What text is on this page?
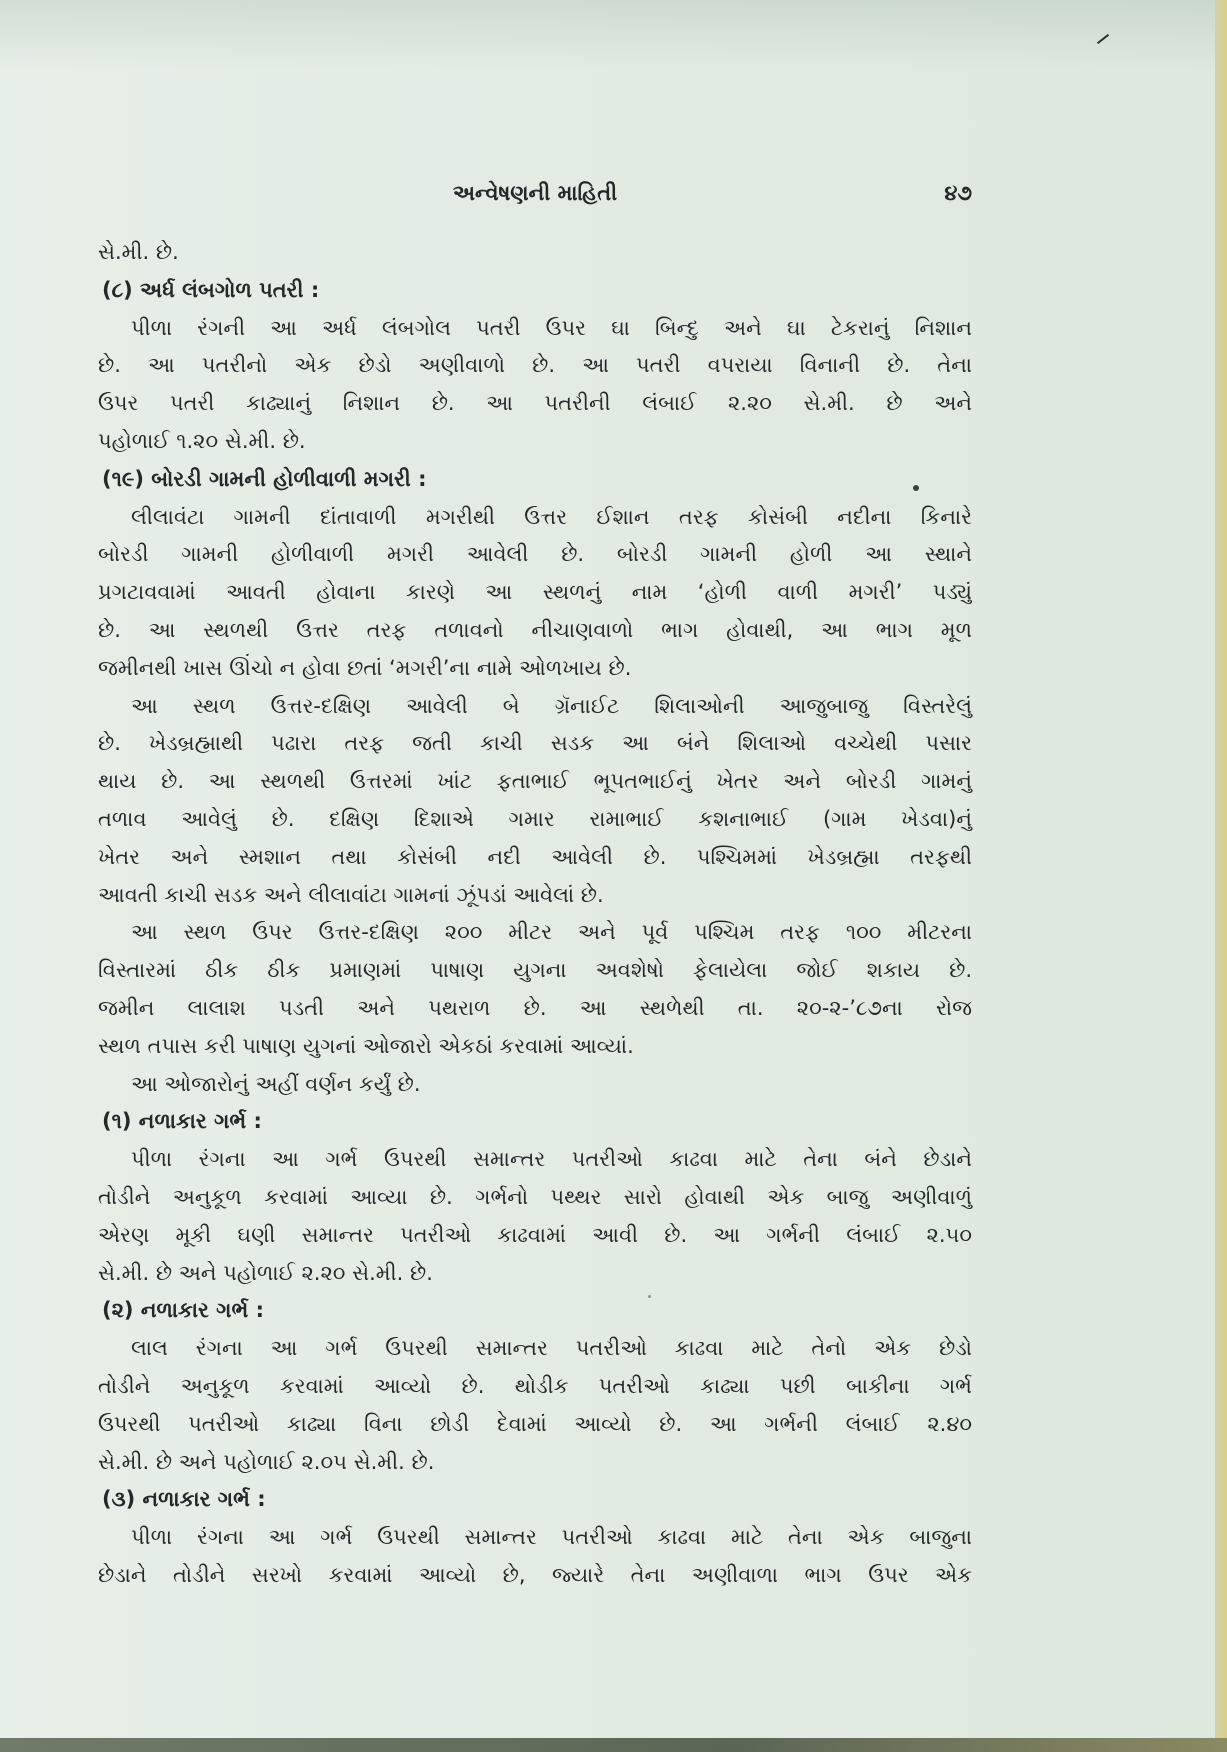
અન્વેષણની માહિતી	૪૭
સે.મી. છે.
(૮) અર્ધ લંબગોળ પતરી :
પીળા રંગની આ અર્ધ લંબગોલ પતરી ઉપર ઘા બિન્દુ અને ઘા ટેકરાનું નિશાન
છે. આ પતરીનો એક છેડો અણીવાળો છે. આ પતરી વપરાયા વિનાની છે. તેના
ઉપર પતરી કાઢ્યાનું નિશાન છે. આ પતરીની લંબાઈ ૨.૨૦ સે.મી. છે અને
પહોળાઈ ૧.૨૦ સે.મી. છે.
(૧૯) બોરડી ગામની હોળીવાળી મગરી :
લીલાવંટા ગામની દાંતાવાળી મગરીથી ઉત્તર ઈશાન તરફ કોસંબી નદીના કિનારે
બોરડી ગામની હોળીવાળી મગરી આવેલી છે. બોરડી ગામની હોળી આ સ્થાને
પ્રગટાવવામાં આવતી હોવાના કારણે આ સ્થળનું નામ ‘હોળી વાળી મગરી’ પડ્યું
છે. આ સ્થળથી ઉત્તર તરફ તળાવનો નીચાણવાળો ભાગ હોવાથી, આ ભાગ મૂળ
જમીનથી ખાસ ઊંચો ન હોવા છતાં ‘મગરી’ના નામે ઓળખાય છે.
આ સ્થળ ઉત્તર-દક્ષિણ આવેલી બે ગ્રૅનાઈટ શિલાઓની આજુબાજુ વિસ્તરેલું
છે. ખેડબ્રહ્માથી પઢારા તરફ જતી કાચી સડક આ બંને શિલાઓ વચ્ચેથી પસાર
થાય છે. આ સ્થળથી ઉત્તરમાં ખાંટ ફતાભાઈ ભૂપતભાઈનું ખેતર અને બોરડી ગામનું
તળાવ આવેલું છે. દક્ષિણ દિશાએ ગમાર રામાભાઈ કશનાભાઈ (ગામ ખેડવા)નું
ખેતર અને સ્મશાન તથા કોસંબી નદી આવેલી છે. પશ્ચિમમાં ખેડબ્રહ્મા તરફથી
આવતી કાચી સડક અને લીલાવાંટા ગામનાં ઝૂંપડાં આવેલાં છે.
આ સ્થળ ઉપર ઉત્તર-દક્ષિણ ૨૦૦ મીટર અને પૂર્વ પશ્ચિમ તરફ ૧૦૦ મીટરના
વિસ્તારમાં ઠીક ઠીક પ્રમાણમાં પાષાણ યુગના અવશેષો ફેલાયેલા જોઈ શકાય છે.
જમીન લાલાશ પડતી અને પથરાળ છે. આ સ્થળેથી તા. ૨૦-૨-’૮૭ના રોજ
સ્થળ તપાસ કરી પાષાણ યુગનાં ઓજારો એકઠાં કરવામાં આવ્યાં.
આ ઓજારોનું અહીં વર્ણન કર્યું છે.
(૧) નળાકાર ગર્ભ :
પીળા રંગના આ ગર્ભ ઉપરથી સમાન્તર પતરીઓ કાઢવા માટે તેના બંને છેડાને
તોડીને અનુકૂળ કરવામાં આવ્યા છે. ગર્ભનો પથ્થર સારો હોવાથી એક બાજુ અણીવાળું
એરણ મૂકી ઘણી સમાન્તર પતરીઓ કાઢવામાં આવી છે. આ ગર્ભની લંબાઈ ૨.૫૦
સે.મી. છે અને પહોળાઈ ૨.૨૦ સે.મી. છે.
(૨) નળાકાર ગર્ભ :
લાલ રંગના આ ગર્ભ ઉપરથી સમાન્તર પતરીઓ કાઢવા માટે તેનો એક છેડો
તોડીને અનુકૂળ કરવામાં આવ્યો છે. થોડીક પતરીઓ કાઢ્યા પછી બાકીના ગર્ભ
ઉપરથી પતરીઓ કાઢ્યા વિના છોડી દેવામાં આવ્યો છે. આ ગર્ભની લંબાઈ ૨.૪૦
સે.મી. છે અને પહોળાઈ ૨.૦૫ સે.મી. છે.
(૩) નળાકાર ગર્ભ :
પીળા રંગના આ ગર્ભ ઉપરથી સમાન્તર પતરીઓ કાઢવા માટે તેના એક બાજુના
છેડાને તોડીને સરખો કરવામાં આવ્યો છે, જ્યારે તેના અણીવાળા ભાગ ઉપર એક
